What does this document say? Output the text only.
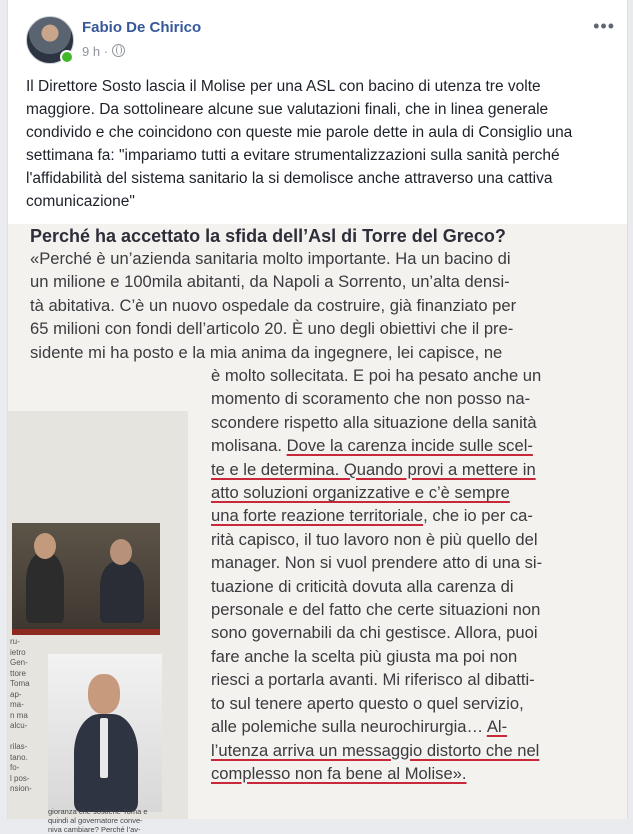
Fabio De Chirico
9 h ·
•••
Il Direttore Sosto lascia il Molise per una ASL con bacino di utenza tre volte maggiore. Da sottolineare alcune sue valutazioni finali, che in linea generale condivido e che coincidono con queste mie parole dette in aula di Consiglio una settimana fa: "impariamo tutti a evitare strumentalizzazioni sulla sanità perché l'affidabilità del sistema sanitario la si demolisce anche attraverso una cattiva comunicazione"
Perché ha accettato la sfida dell’Asl di Torre del Greco?
«Perché è un’azienda sanitaria molto importante. Ha un bacino di
un milione e 100mila abitanti, da Napoli a Sorrento, un’alta densi-
tà abitativa. C’è un nuovo ospedale da costruire, già finanziato per
65 milioni con fondi dell’articolo 20. È uno degli obiettivi che il pre-
sidente mi ha posto e la mia anima da ingegnere, lei capisce, ne
ru-
ietro
Gen-
ttore
Toma
ap-
ma-
n ma
alcu-

rilas-
tano.
fo-
l pos-
nsion-
gioranza che sostiene Toma e
quindi al governatore conve-
niva cambiare? Perché l’av-
è molto sollecitata. E poi ha pesato anche un
momento di scoramento che non posso na-
scondere rispetto alla situazione della sanità
molisana. Dove la carenza incide sulle scel-
te e le determina. Quando provi a mettere in
atto soluzioni organizzative e c’è sempre
una forte reazione territoriale, che io per ca-
rità capisco, il tuo lavoro non è più quello del
manager. Non si vuol prendere atto di una si-
tuazione di criticità dovuta alla carenza di
personale e del fatto che certe situazioni non
sono governabili da chi gestisce. Allora, puoi
fare anche la scelta più giusta ma poi non
riesci a portarla avanti. Mi riferisco al dibatti-
to sul tenere aperto questo o quel servizio,
alle polemiche sulla neurochirurgia… Al-
l’utenza arriva un messaggio distorto che nel
complesso non fa bene al Molise».
